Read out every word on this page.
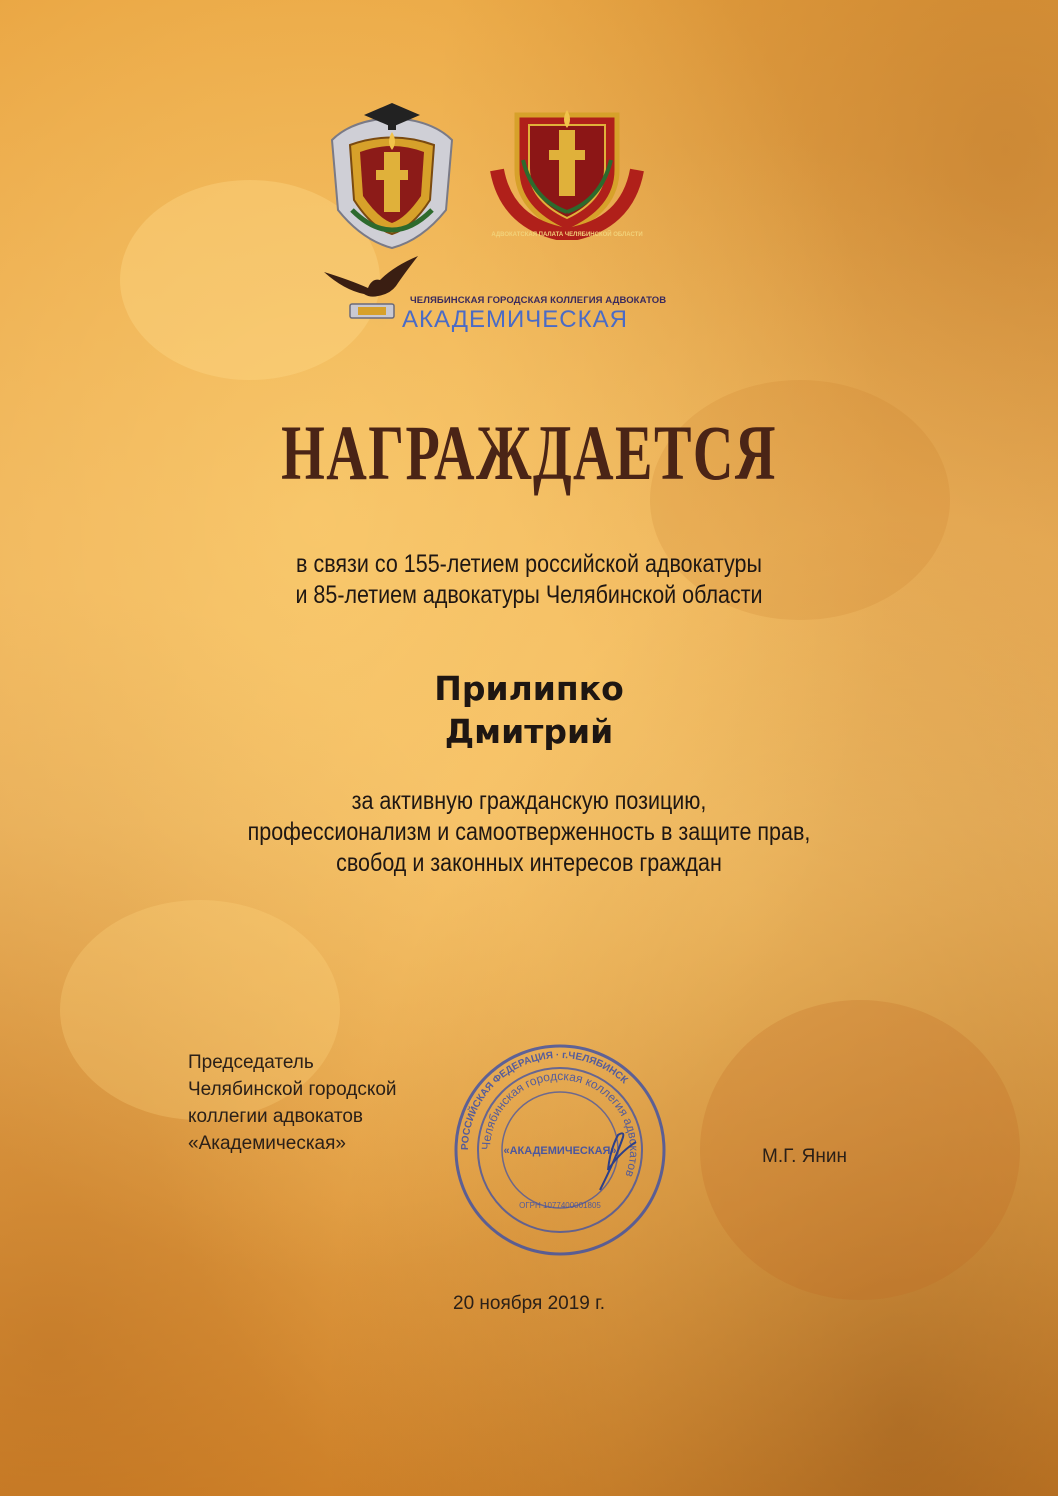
АДВОКАТСКАЯ ПАЛАТА ЧЕЛЯБИНСКОЙ ОБЛАСТИ
ЧЕЛЯБИНСКАЯ ГОРОДСКАЯ КОЛЛЕГИЯ АДВОКАТОВ
АКАДЕМИЧЕСКАЯ
НАГРАЖДАЕТСЯ
в связи со 155-летием российской адвокатуры
и 85-летием адвокатуры Челябинской области
Прилипко
Дмитрий
за активную гражданскую позицию,
профессионализм и самоотверженность в защите прав,
свобод и законных интересов граждан
Председатель
Челябинской городской
коллегии адвокатов
«Академическая»	РОССИЙСКАЯ ФЕДЕРАЦИЯ · г.ЧЕЛЯБИНСК
Челябинская городская коллегия адвокатов
«АКАДЕМИЧЕСКАЯ»
ОГРН 1077400001805
М.Г. Янин
20 ноября 2019 г.
